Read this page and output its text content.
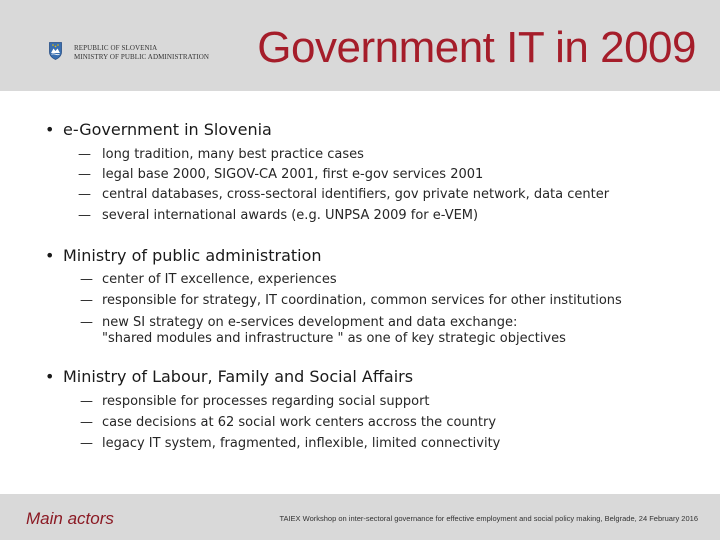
REPUBLIC OF SLOVENIA
MINISTRY OF PUBLIC ADMINISTRATION Government IT in 2009
• e-Government in Slovenia
— long tradition, many best practice cases
— legal base 2000, SIGOV-CA 2001, first e-gov services 2001
— central databases, cross-sectoral identifiers, gov private network, data center
— several international awards (e.g. UNPSA 2009 for e-VEM)
• Ministry of public administration
— center of IT excellence, experiences
— responsible for strategy, IT coordination, common services for other institutions
— new SI strategy on e-services development and data exchange:
"shared modules and infrastructure " as one of key strategic objectives
• Ministry of Labour, Family and Social Affairs
— responsible for processes regarding social support
— case decisions at 62 social work centers accross the country
— legacy IT system, fragmented, inflexible, limited connectivity
Main actors	TAIEX Workshop on inter-sectoral governance for effective employment and social policy making, Belgrade, 24 February 2016
